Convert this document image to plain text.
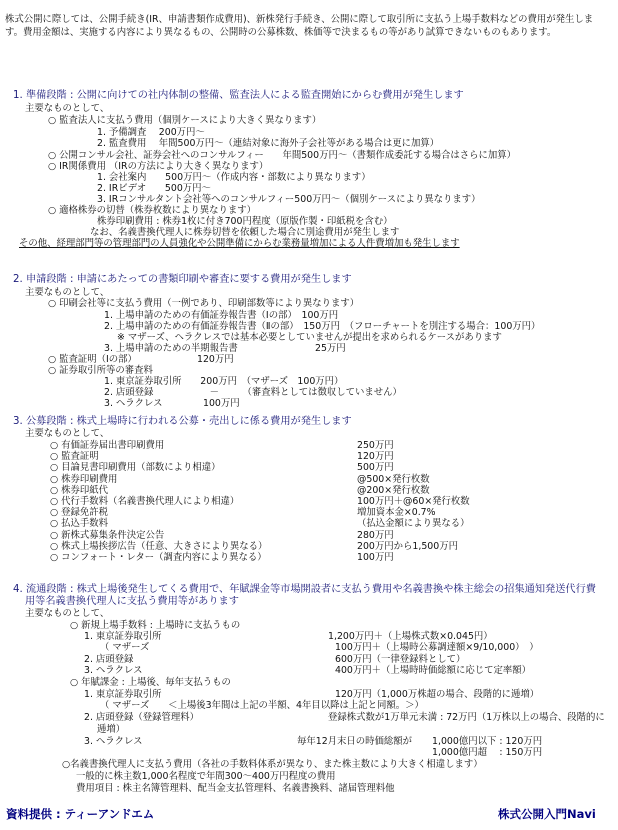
株式公開に際しては、公開手続き(IR、申請書類作成費用)、新株発行手続き、公開に際して取引所に支払う上場手数料などの費用が発生します。費用金額は、実施する内容により異なるもの、公開時の公募株数、株価等で決まるもの等があり試算できないものもあります。
1. 準備段階 : 公開に向けての社内体制の整備、監査法人による監査開始にからむ費用が発生します
主要なものとして、
○ 監査法人に支払う費用（個別ケースにより大きく異なります）
1. 予備調査　 200万円～
2. 監査費用　 年間500万円～（連結対象に海外子会社等がある場合は更に加算）
○ 公開コンサル会社、証券会社へのコンサルフィー　　年間500万円～（書類作成委託する場合はさらに加算）
○ IR関係費用 （IRの方法により大きく異なります）
1. 会社案内　　500万円～（作成内容・部数により異なります）
2. IRビデオ　　500万円～
3. IRコンサルタント会社等へのコンサルフィー500万円～（個別ケースにより異なります）
○ 適格株券の切替（株券枚数により異なります）
株券印刷費用 : 株券1枚に付き700円程度（原版作製・印紙税を含む）
なお、名義書換代理人に株券切替を依頼した場合に別途費用が発生します
その他、経理部門等の管理部門の人員強化や公開準備にからむ業務量増加による人件費増加も発生します
2. 申請段階 : 申請にあたっての書類印刷や審査に要する費用が発生します
主要なものとして、
○ 印刷会社等に支払う費用（一例であり、印刷部数等により異なります）
1. 上場申請のための有価証券報告書（Ⅰの部）　100万円
2. 上場申請のための有価証券報告書（Ⅱの部）　150万円　（フローチャートを別注する場合：100万円）
※ マザーズ、ヘラクレスでは基本必要としていませんが提出を求められるケースがあります
3. 上場申請のための半期報告書	25万円
○ 監査証明（Ⅰの部）	120万円
○ 証券取引所等の審査料
1. 東京証券取引所　　200万円　（マザーズ　100万円）
2. 店頭登録　　　　　　－　　　（審査料としては徴収していません）
3. ヘラクレス　　　　 100万円
3. 公募段階 : 株式上場時に行われる公募・売出しに係る費用が発生します
主要なものとして、
○ 有価証券届出書印刷費用	250万円
○ 監査証明	120万円
○ 目論見書印刷費用（部数により相違）	500万円
○ 株券印刷費用	@500×発行枚数
○ 株券印紙代	@200×発行枚数
○ 代行手数料（名義書換代理人により相違）	100万円＋@60×発行枚数
○ 登録免許税	増加資本金×0.7%
○ 払込手数料	（払込金額により異なる）
○ 新株式募集条件決定公告	280万円
○ 株式上場挨拶広告（任意、大きさにより異なる）	200万円から1,500万円
○ コンフォート・レター（調査内容により異なる）	100万円
4. 流通段階 : 株式上場後発生してくる費用で、年賦課金等市場開設者に支払う費用や名義書換や株主総会の招集通知発送代行費
用等名義書換代理人に支払う費用等があります
主要なものとして、
○ 新規上場手数料 : 上場時に支払うもの
1. 東京証券取引所	1,200万円＋（上場株式数×0.045円）
（ マザーズ	100万円＋（上場時公募調達額×9/10,000）　）
2. 店頭登録	600万円（一律登録料として）
3. ヘラクレス	400万円＋（上場時時価総額に応じて定率額）
○ 年賦課金 : 上場後、毎年支払うもの
1. 東京証券取引所	120万円（1,000万株超の場合、段階的に逓増）
（ マザーズ　　＜上場後3年間は上記の半額、4年目以降は上記と同額。＞）
2. 店頭登録（登録管理料）	登録株式数が1万単元未満 : 72万円（1万株以上の場合、段階的に
逓増）
3. ヘラクレス	毎年12月末日の時価総額が 1,000億円以下 : 120万円
1,000億円超　 : 150万円
○名義書換代理人に支払う費用（各社の手数料体系が異なり、また株主数により大きく相違します）
一般的に株主数1,000名程度で年間300～400万円程度の費用
費用項目 : 株主名簿管理料、配当金支払管理料、名義書換料、諸届管理料他
資料提供 : ティーアンドエム	株式公開入門Navi
